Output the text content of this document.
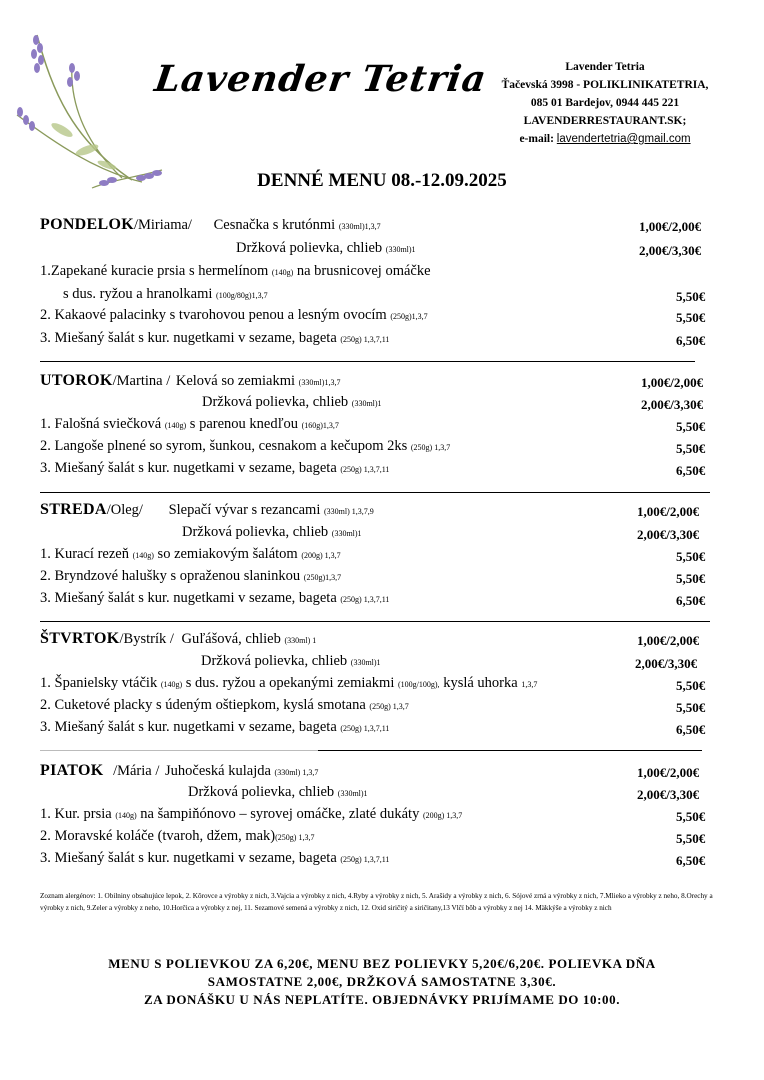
Lavender Tetria	Lavender Tetria
Ťačevská 3998 - POLIKLINIKATETRIA,
085 01 Bardejov, 0944 445 221
LAVENDERRESTAURANT.SK;
e-mail: lavendertetria@gmail.com
DENNÉ MENU 08.-12.09.2025
PONDELOK/Miriama/ Cesnačka s krutónmi (330ml)1,3,7	1,00€/2,00€
Držková polievka, chlieb (330ml)1	2,00€/3,30€
1.Zapekané kuracie prsia s hermelínom (140g) na brusnicovej omáčke
s dus. ryžou a hranolkami (100g/80g)1,3,7	5,50€
2. Kakaové palacinky s tvarohovou penou a lesným ovocím (250g)1,3,7	5,50€
3. Miešaný šalát s kur. nugetkami v sezame, bageta (250g) 1,3,7,11	6,50€
UTOROK/Martina / Kelová so zemiakmi (330ml)1,3,7	1,00€/2,00€
Držková polievka, chlieb (330ml)1	2,00€/3,30€
1. Falošná sviečková (140g) s parenou knedľou (160g)1,3,7	5,50€
2. Langoše plnené so syrom, šunkou, cesnakom a kečupom 2ks (250g) 1,3,7	5,50€
3. Miešaný šalát s kur. nugetkami v sezame, bageta (250g) 1,3,7,11	6,50€
STREDA/Oleg/ Slepačí vývar s rezancami (330ml) 1,3,7,9	1,00€/2,00€
Držková polievka, chlieb (330ml)1	2,00€/3,30€
1. Kurací rezeň (140g) so zemiakovým šalátom (200g) 1,3,7	5,50€
2. Bryndzové halušky s opraženou slaninkou (250g)1,3,7	5,50€
3. Miešaný šalát s kur. nugetkami v sezame, bageta (250g) 1,3,7,11	6,50€
ŠTVRTOK/Bystrík / Guľášová, chlieb (330ml) 1	1,00€/2,00€
Držková polievka, chlieb (330ml)1	2,00€/3,30€
1. Španielsky vtáčik (140g) s dus. ryžou a opekanými zemiakmi (100g/100g), kyslá uhorka 1,3,7	5,50€
2. Cuketové placky s údeným oštiepkom, kyslá smotana (250g) 1,3,7	5,50€
3. Miešaný šalát s kur. nugetkami v sezame, bageta (250g) 1,3,7,11	6,50€
PIATOK /Mária / Juhočeská kulajda (330ml) 1,3,7	1,00€/2,00€
Držková polievka, chlieb (330ml)1	2,00€/3,30€
1. Kur. prsia (140g) na šampiňónovo – syrovej omáčke, zlaté dukáty (200g) 1,3,7	5,50€
2. Moravské koláče (tvaroh, džem, mak)(250g) 1,3,7	5,50€
3. Miešaný šalát s kur. nugetkami v sezame, bageta (250g) 1,3,7,11	6,50€
Zoznam alergénov: 1. Obilniny obsahujúce lepok, 2. Kôrovce a výrobky z nich, 3.Vajcia a výrobky z nich, 4.Ryby a výrobky z nich, 5. Arašidy a výrobky z nich, 6. Sójové zrná a výrobky z nich, 7.Mlieko a výrobky z neho, 8.Orechy a výrobky z nich, 9.Zeler a výrobky z neho, 10.Horčica a výrobky z nej, 11. Sezamové semená a výrobky z nich, 12. Oxid siričitý a siričitany,13 Vlčí bôb a výrobky z nej 14. Mäkkýše a výrobky z nich
MENU S POLIEVKOU ZA 6,20€, MENU BEZ POLIEVKY 5,20€/6,20€. POLIEVKA DŇA
SAMOSTATNE 2,00€, DRŽKOVÁ SAMOSTATNE 3,30€.
ZA DONÁŠKU U NÁS NEPLATÍTE. OBJEDNÁVKY PRIJÍMAME DO 10:00.
